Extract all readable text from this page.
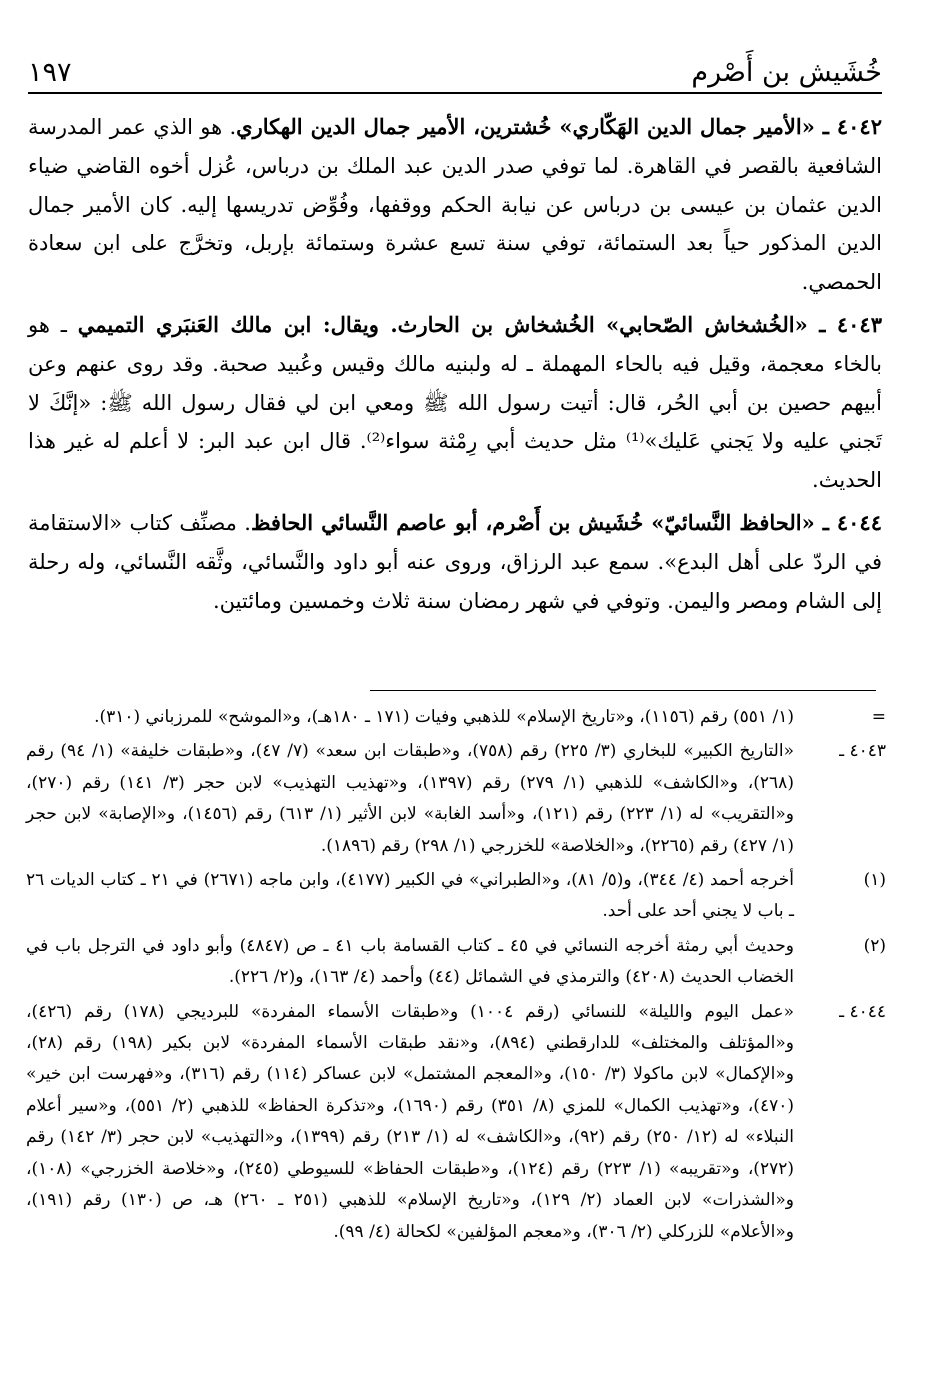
خُشَيش بن أَصْرم
١٩٧

٤٠٤٢ ـ «الأمير جمال الدين الهَكّاري» خُشترين، الأمير جمال الدين الهكاري. هو الذي عمر المدرسة الشافعية بالقصر في القاهرة. لما توفي صدر الدين عبد الملك بن درباس، عُزل أخوه القاضي ضياء الدين عثمان بن عيسى بن درباس عن نيابة الحكم ووقفها، وفُوِّض تدريسها إليه. كان الأمير جمال الدين المذكور حياً بعد الستمائة، توفي سنة تسع عشرة وستمائة بإربل، وتخرَّج على ابن سعادة الحمصي.

٤٠٤٣ ـ «الخُشخاش الصّحابي» الخُشخاش بن الحارث. ويقال: ابن مالك العَنبَري التميمي ـ هو بالخاء معجمة، وقيل فيه بالحاء المهملة ـ له ولبنيه مالك وقيس وعُبيد صحبة. وقد روى عنهم وعن أبيهم حصين بن أبي الحُر، قال: أتيت رسول الله ﷺ ومعي ابن لي فقال رسول الله ﷺ: «إنَّكَ لا تَجني عليه ولا يَجني عَليك»⁽¹⁾ مثل حديث أبي رِمْثة سواء⁽²⁾. قال ابن عبد البر: لا أعلم له غير هذا الحديث.

٤٠٤٤ ـ «الحافظ النَّسائيّ» خُشَيش بن أَصْرم، أبو عاصم النَّسائي الحافظ. مصنِّف كتاب «الاستقامة في الردّ على أهل البدع». سمع عبد الرزاق، وروى عنه أبو داود والنَّسائي، وثَّقه النَّسائي، وله رحلة إلى الشام ومصر واليمن. وتوفي في شهر رمضان سنة ثلاث وخمسين ومائتين.

=
(١/ ٥٥١) رقم (١١٥٦)، و«تاريخ الإسلام» للذهبي وفيات (١٧١ ـ ١٨٠هـ)، و«الموشح» للمرزباني (٣١٠).
٤٠٤٣ ـ
«التاريخ الكبير» للبخاري (٣/ ٢٢٥) رقم (٧٥٨)، و«طبقات ابن سعد» (٧/ ٤٧)، و«طبقات خليفة» (١/ ٩٤) رقم (٢٦٨)، و«الكاشف» للذهبي (١/ ٢٧٩) رقم (١٣٩٧)، و«تهذيب التهذيب» لابن حجر (٣/ ١٤١) رقم (٢٧٠)، و«التقريب» له (١/ ٢٢٣) رقم (١٢١)، و«أسد الغابة» لابن الأثير (١/ ٦١٣) رقم (١٤٥٦)، و«الإصابة» لابن حجر (١/ ٤٢٧) رقم (٢٢٦٥)، و«الخلاصة» للخزرجي (١/ ٢٩٨) رقم (١٨٩٦).
(١)
أخرجه أحمد (٤/ ٣٤٤)، و(٥/ ٨١)، و«الطبراني» في الكبير (٤١٧٧)، وابن ماجه (٢٦٧١) في ٢١ ـ كتاب الديات ٢٦ ـ باب لا يجني أحد على أحد.
(٢)
وحديث أبي رمثة أخرجه النسائي في ٤٥ ـ كتاب القسامة باب ٤١ ـ ص (٤٨٤٧) وأبو داود في الترجل باب في الخضاب الحديث (٤٢٠٨) والترمذي في الشمائل (٤٤) وأحمد (٤/ ١٦٣)، و(٢/ ٢٢٦).
٤٠٤٤ ـ
«عمل اليوم والليلة» للنسائي (رقم ١٠٠٤) و«طبقات الأسماء المفردة» للبرديجي (١٧٨) رقم (٤٢٦)، و«المؤتلف والمختلف» للدارقطني (٨٩٤)، و«نقد طبقات الأسماء المفردة» لابن بكير (١٩٨) رقم (٢٨)، و«الإكمال» لابن ماكولا (٣/ ١٥٠)، و«المعجم المشتمل» لابن عساكر (١١٤) رقم (٣١٦)، و«فهرست ابن خير» (٤٧٠)، و«تهذيب الكمال» للمزي (٨/ ٣٥١) رقم (١٦٩٠)، و«تذكرة الحفاظ» للذهبي (٢/ ٥٥١)، و«سير أعلام النبلاء» له (١٢/ ٢٥٠) رقم (٩٢)، و«الكاشف» له (١/ ٢١٣) رقم (١٣٩٩)، و«التهذيب» لابن حجر (٣/ ١٤٢) رقم (٢٧٢)، و«تقريبه» (١/ ٢٢٣) رقم (١٢٤)، و«طبقات الحفاظ» للسيوطي (٢٤٥)، و«خلاصة الخزرجي» (١٠٨)، و«الشذرات» لابن العماد (٢/ ١٢٩)، و«تاريخ الإسلام» للذهبي (٢٥١ ـ ٢٦٠) هـ، ص (١٣٠) رقم (١٩١)، و«الأعلام» للزركلي (٢/ ٣٠٦)، و«معجم المؤلفين» لكحالة (٤/ ٩٩).
